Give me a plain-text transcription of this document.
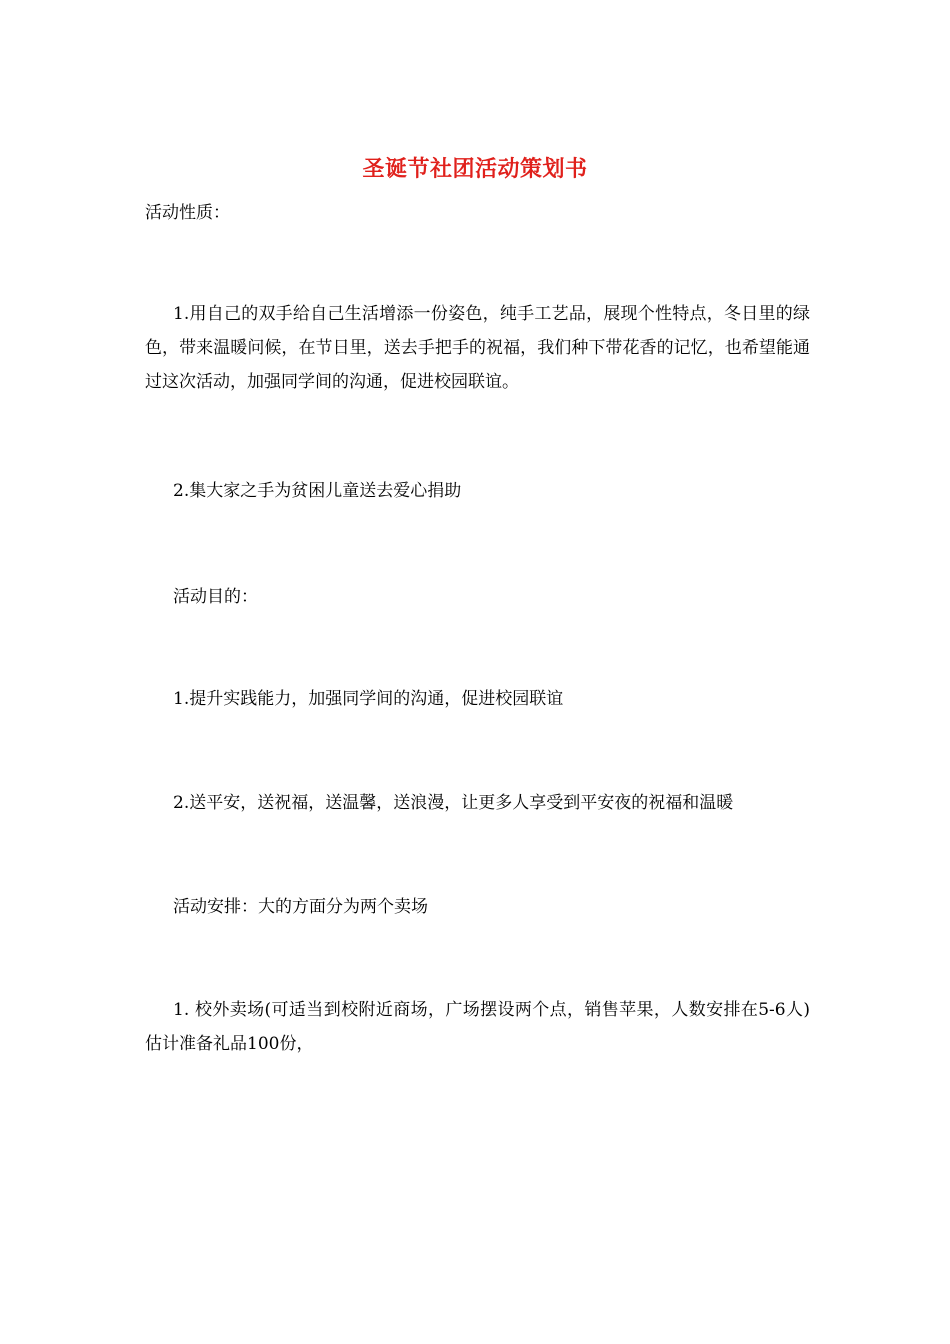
圣诞节社团活动策划书
活动性质：
1.用自己的双手给自己生活增添一份姿色，纯手工艺品，展现个性特点，冬日里的绿色，带来温暖问候，在节日里，送去手把手的祝福，我们种下带花香的记忆，也希望能通过这次活动，加强同学间的沟通，促进校园联谊。
2.集大家之手为贫困儿童送去爱心捐助
活动目的：
1.提升实践能力，加强同学间的沟通，促进校园联谊
2.送平安，送祝福，送温馨，送浪漫，让更多人享受到平安夜的祝福和温暖
活动安排：大的方面分为两个卖场
1. 校外卖场(可适当到校附近商场，广场摆设两个点，销售苹果，人数安排在5-6人)估计准备礼品100份，
